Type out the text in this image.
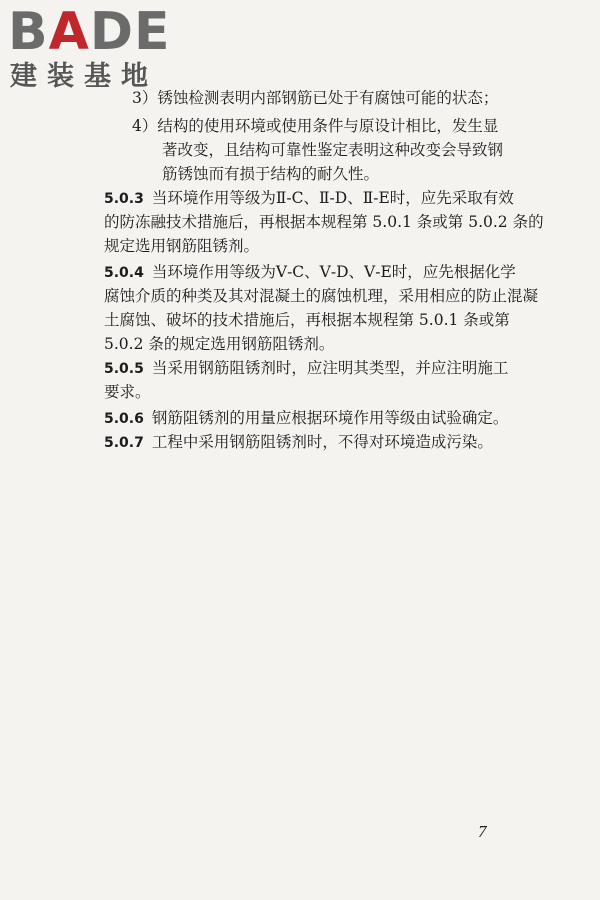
BADE
建装基地
3）锈蚀检测表明内部钢筋已处于有腐蚀可能的状态；
4）结构的使用环境或使用条件与原设计相比，发生显
著改变，且结构可靠性鉴定表明这种改变会导致钢
筋锈蚀而有损于结构的耐久性。
5.0.3 当环境作用等级为Ⅱ-C、Ⅱ-D、Ⅱ-E时，应先采取有效
的防冻融技术措施后，再根据本规程第 5.0.1 条或第 5.0.2 条的
规定选用钢筋阻锈剂。
5.0.4 当环境作用等级为Ⅴ-C、Ⅴ-D、Ⅴ-E时，应先根据化学
腐蚀介质的种类及其对混凝土的腐蚀机理，采用相应的防止混凝
土腐蚀、破坏的技术措施后，再根据本规程第 5.0.1 条或第
5.0.2 条的规定选用钢筋阻锈剂。
5.0.5 当采用钢筋阻锈剂时，应注明其类型，并应注明施工
要求。
5.0.6 钢筋阻锈剂的用量应根据环境作用等级由试验确定。
5.0.7 工程中采用钢筋阻锈剂时，不得对环境造成污染。
7
